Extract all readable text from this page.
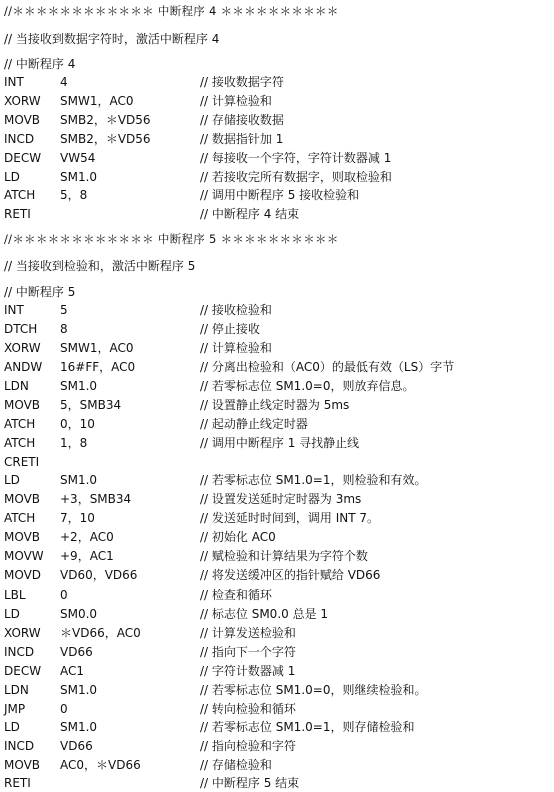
//＊＊＊＊＊＊＊＊＊＊＊＊ 中断程序 4 ＊＊＊＊＊＊＊＊＊＊
// 当接收到数据字符时，激活中断程序 4
// 中断程序 4
INT	4	// 接收数据字符
XORW SMW1，AC0	// 计算检验和
MOVB SMB2，＊VD56	// 存储接收数据
INCD SMB2，＊VD56	// 数据指针加 1
DECW VW54	// 每接收一个字符，字符计数器减 1
LD	SM1.0	// 若接收完所有数据字，则取检验和
ATCH 5，8	// 调用中断程序 5 接收检验和
RETI	// 中断程序 4 结束
//＊＊＊＊＊＊＊＊＊＊＊＊ 中断程序 5 ＊＊＊＊＊＊＊＊＊＊
// 当接收到检验和，激活中断程序 5
// 中断程序 5
INT	5	// 接收检验和
DTCH 8	// 停止接收
XORW SMW1，AC0	// 计算检验和
ANDW 16#FF，AC0	// 分离出检验和（AC0）的最低有效（LS）字节
LDN	SM1.0	// 若零标志位 SM1.0=0，则放弃信息。
MOVB 5，SMB34	// 设置静止线定时器为 5ms
ATCH 0，10	// 起动静止线定时器
ATCH 1，8	// 调用中断程序 1 寻找静止线
CRETI
LD	SM1.0	// 若零标志位 SM1.0=1，则检验和有效。
MOVB +3，SMB34	// 设置发送延时定时器为 3ms
ATCH 7，10	// 发送延时时间到，调用 INT 7。
MOVB +2，AC0	// 初始化 AC0
MOVW +9，AC1	// 赋检验和计算结果为字符个数
MOVD VD60，VD66	// 将发送缓冲区的指针赋给 VD66
LBL	0	// 检查和循环
LD	SM0.0	// 标志位 SM0.0 总是 1
XORW ＊VD66，AC0	// 计算发送检验和
INCD VD66	// 指向下一个字符
DECW AC1	// 字符计数器减 1
LDN	SM1.0	// 若零标志位 SM1.0=0，则继续检验和。
JMP	0	// 转向检验和循环
LD	SM1.0	// 若零标志位 SM1.0=1，则存储检验和
INCD VD66	// 指向检验和字符
MOVB AC0，＊VD66	// 存储检验和
RETI	// 中断程序 5 结束
